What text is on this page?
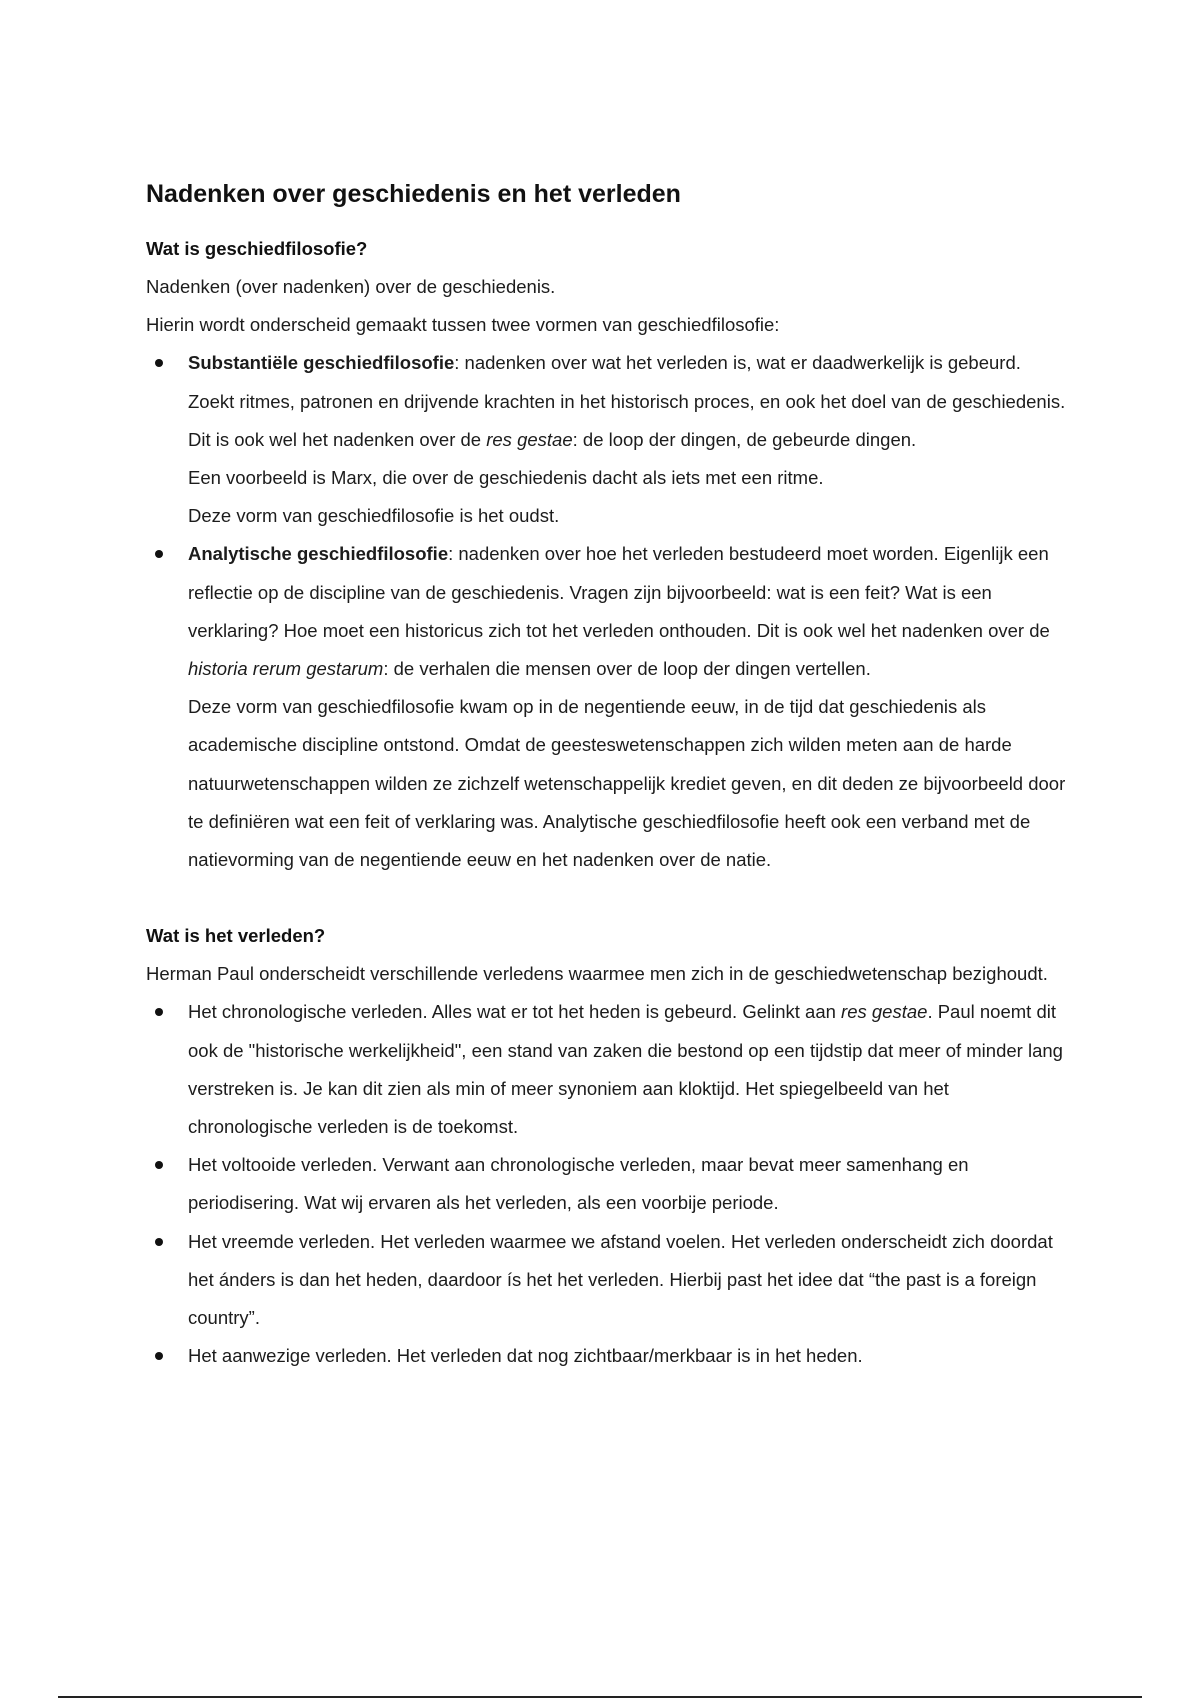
Nadenken over geschiedenis en het verleden
Wat is geschiedfilosofie?

Nadenken (over nadenken) over de geschiedenis.

Hierin wordt onderscheid gemaakt tussen twee vormen van geschiedfilosofie:

Substantiële geschiedfilosofie: nadenken over wat het verleden is, wat er daadwerkelijk is gebeurd. Zoekt ritmes, patronen en drijvende krachten in het historisch proces, en ook het doel van de geschiedenis. Dit is ook wel het nadenken over de res gestae: de loop der dingen, de gebeurde dingen.
Een voorbeeld is Marx, die over de geschiedenis dacht als iets met een ritme.
Deze vorm van geschiedfilosofie is het oudst.
Analytische geschiedfilosofie: nadenken over hoe het verleden bestudeerd moet worden. Eigenlijk een reflectie op de discipline van de geschiedenis. Vragen zijn bijvoorbeeld: wat is een feit? Wat is een verklaring? Hoe moet een historicus zich tot het verleden onthouden. Dit is ook wel het nadenken over de historia rerum gestarum: de verhalen die mensen over de loop der dingen vertellen.
Deze vorm van geschiedfilosofie kwam op in de negentiende eeuw, in de tijd dat geschiedenis als academische discipline ontstond. Omdat de geesteswetenschappen zich wilden meten aan de harde natuurwetenschappen wilden ze zichzelf wetenschappelijk krediet geven, en dit deden ze bijvoorbeeld door te definiëren wat een feit of verklaring was. Analytische geschiedfilosofie heeft ook een verband met de natievorming van de negentiende eeuw en het nadenken over de natie.
Wat is het verleden?

Herman Paul onderscheidt verschillende verledens waarmee men zich in de geschiedwetenschap bezighoudt.

Het chronologische verleden. Alles wat er tot het heden is gebeurd. Gelinkt aan res gestae. Paul noemt dit ook de "historische werkelijkheid", een stand van zaken die bestond op een tijdstip dat meer of minder lang verstreken is. Je kan dit zien als min of meer synoniem aan kloktijd. Het spiegelbeeld van het chronologische verleden is de toekomst.
Het voltooide verleden. Verwant aan chronologische verleden, maar bevat meer samenhang en periodisering. Wat wij ervaren als het verleden, als een voorbije periode.
Het vreemde verleden. Het verleden waarmee we afstand voelen. Het verleden onderscheidt zich doordat het ánders is dan het heden, daardoor ís het het verleden. Hierbij past het idee dat “the past is a foreign country”.
Het aanwezige verleden. Het verleden dat nog zichtbaar/merkbaar is in het heden.
